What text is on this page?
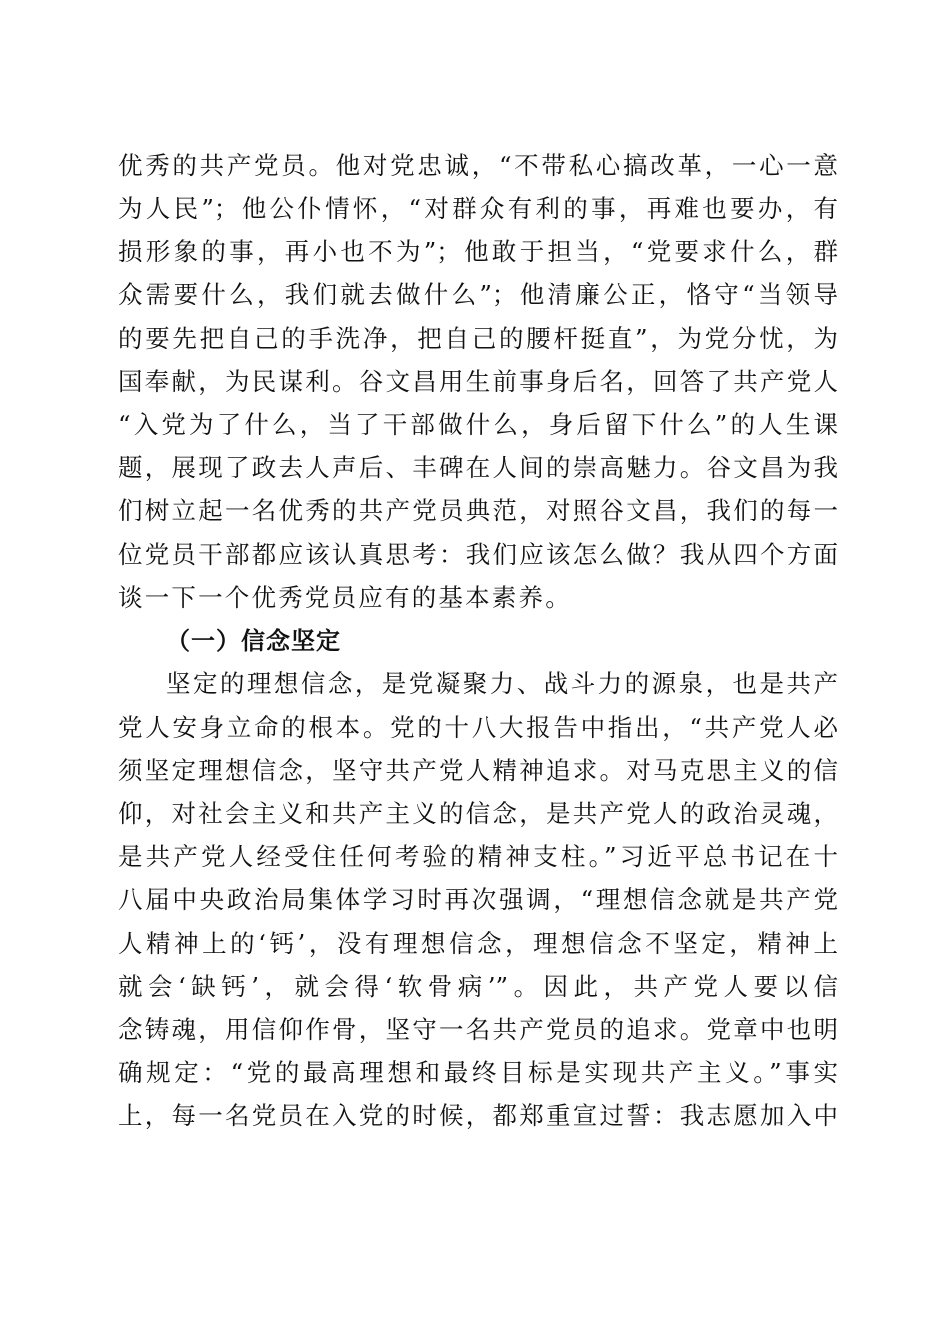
优秀的共产党员。他对党忠诚，“不带私心搞改革，一心一意
为人民”；他公仆情怀，“对群众有利的事，再难也要办，有
损形象的事，再小也不为”；他敢于担当，“党要求什么，群
众需要什么，我们就去做什么”；他清廉公正，恪守“当领导
的要先把自己的手洗净，把自己的腰杆挺直”，为党分忧，为
国奉献，为民谋利。谷文昌用生前事身后名，回答了共产党人
“入党为了什么，当了干部做什么，身后留下什么”的人生课
题，展现了政去人声后、丰碑在人间的崇高魅力。谷文昌为我
们树立起一名优秀的共产党员典范，对照谷文昌，我们的每一
位党员干部都应该认真思考：我们应该怎么做？我从四个方面
谈一下一个优秀党员应有的基本素养。
（一）信念坚定
坚定的理想信念，是党凝聚力、战斗力的源泉，也是共产
党人安身立命的根本。党的十八大报告中指出，“共产党人必
须坚定理想信念，坚守共产党人精神追求。对马克思主义的信
仰，对社会主义和共产主义的信念，是共产党人的政治灵魂，
是共产党人经受住任何考验的精神支柱。”习近平总书记在十
八届中央政治局集体学习时再次强调，“理想信念就是共产党
人精神上的‘钙’，没有理想信念，理想信念不坚定，精神上
就会‘缺钙’，就会得‘软骨病’”。因此，共产党人要以信
念铸魂，用信仰作骨，坚守一名共产党员的追求。党章中也明
确规定：“党的最高理想和最终目标是实现共产主义。”事实
上，每一名党员在入党的时候，都郑重宣过誓：我志愿加入中
